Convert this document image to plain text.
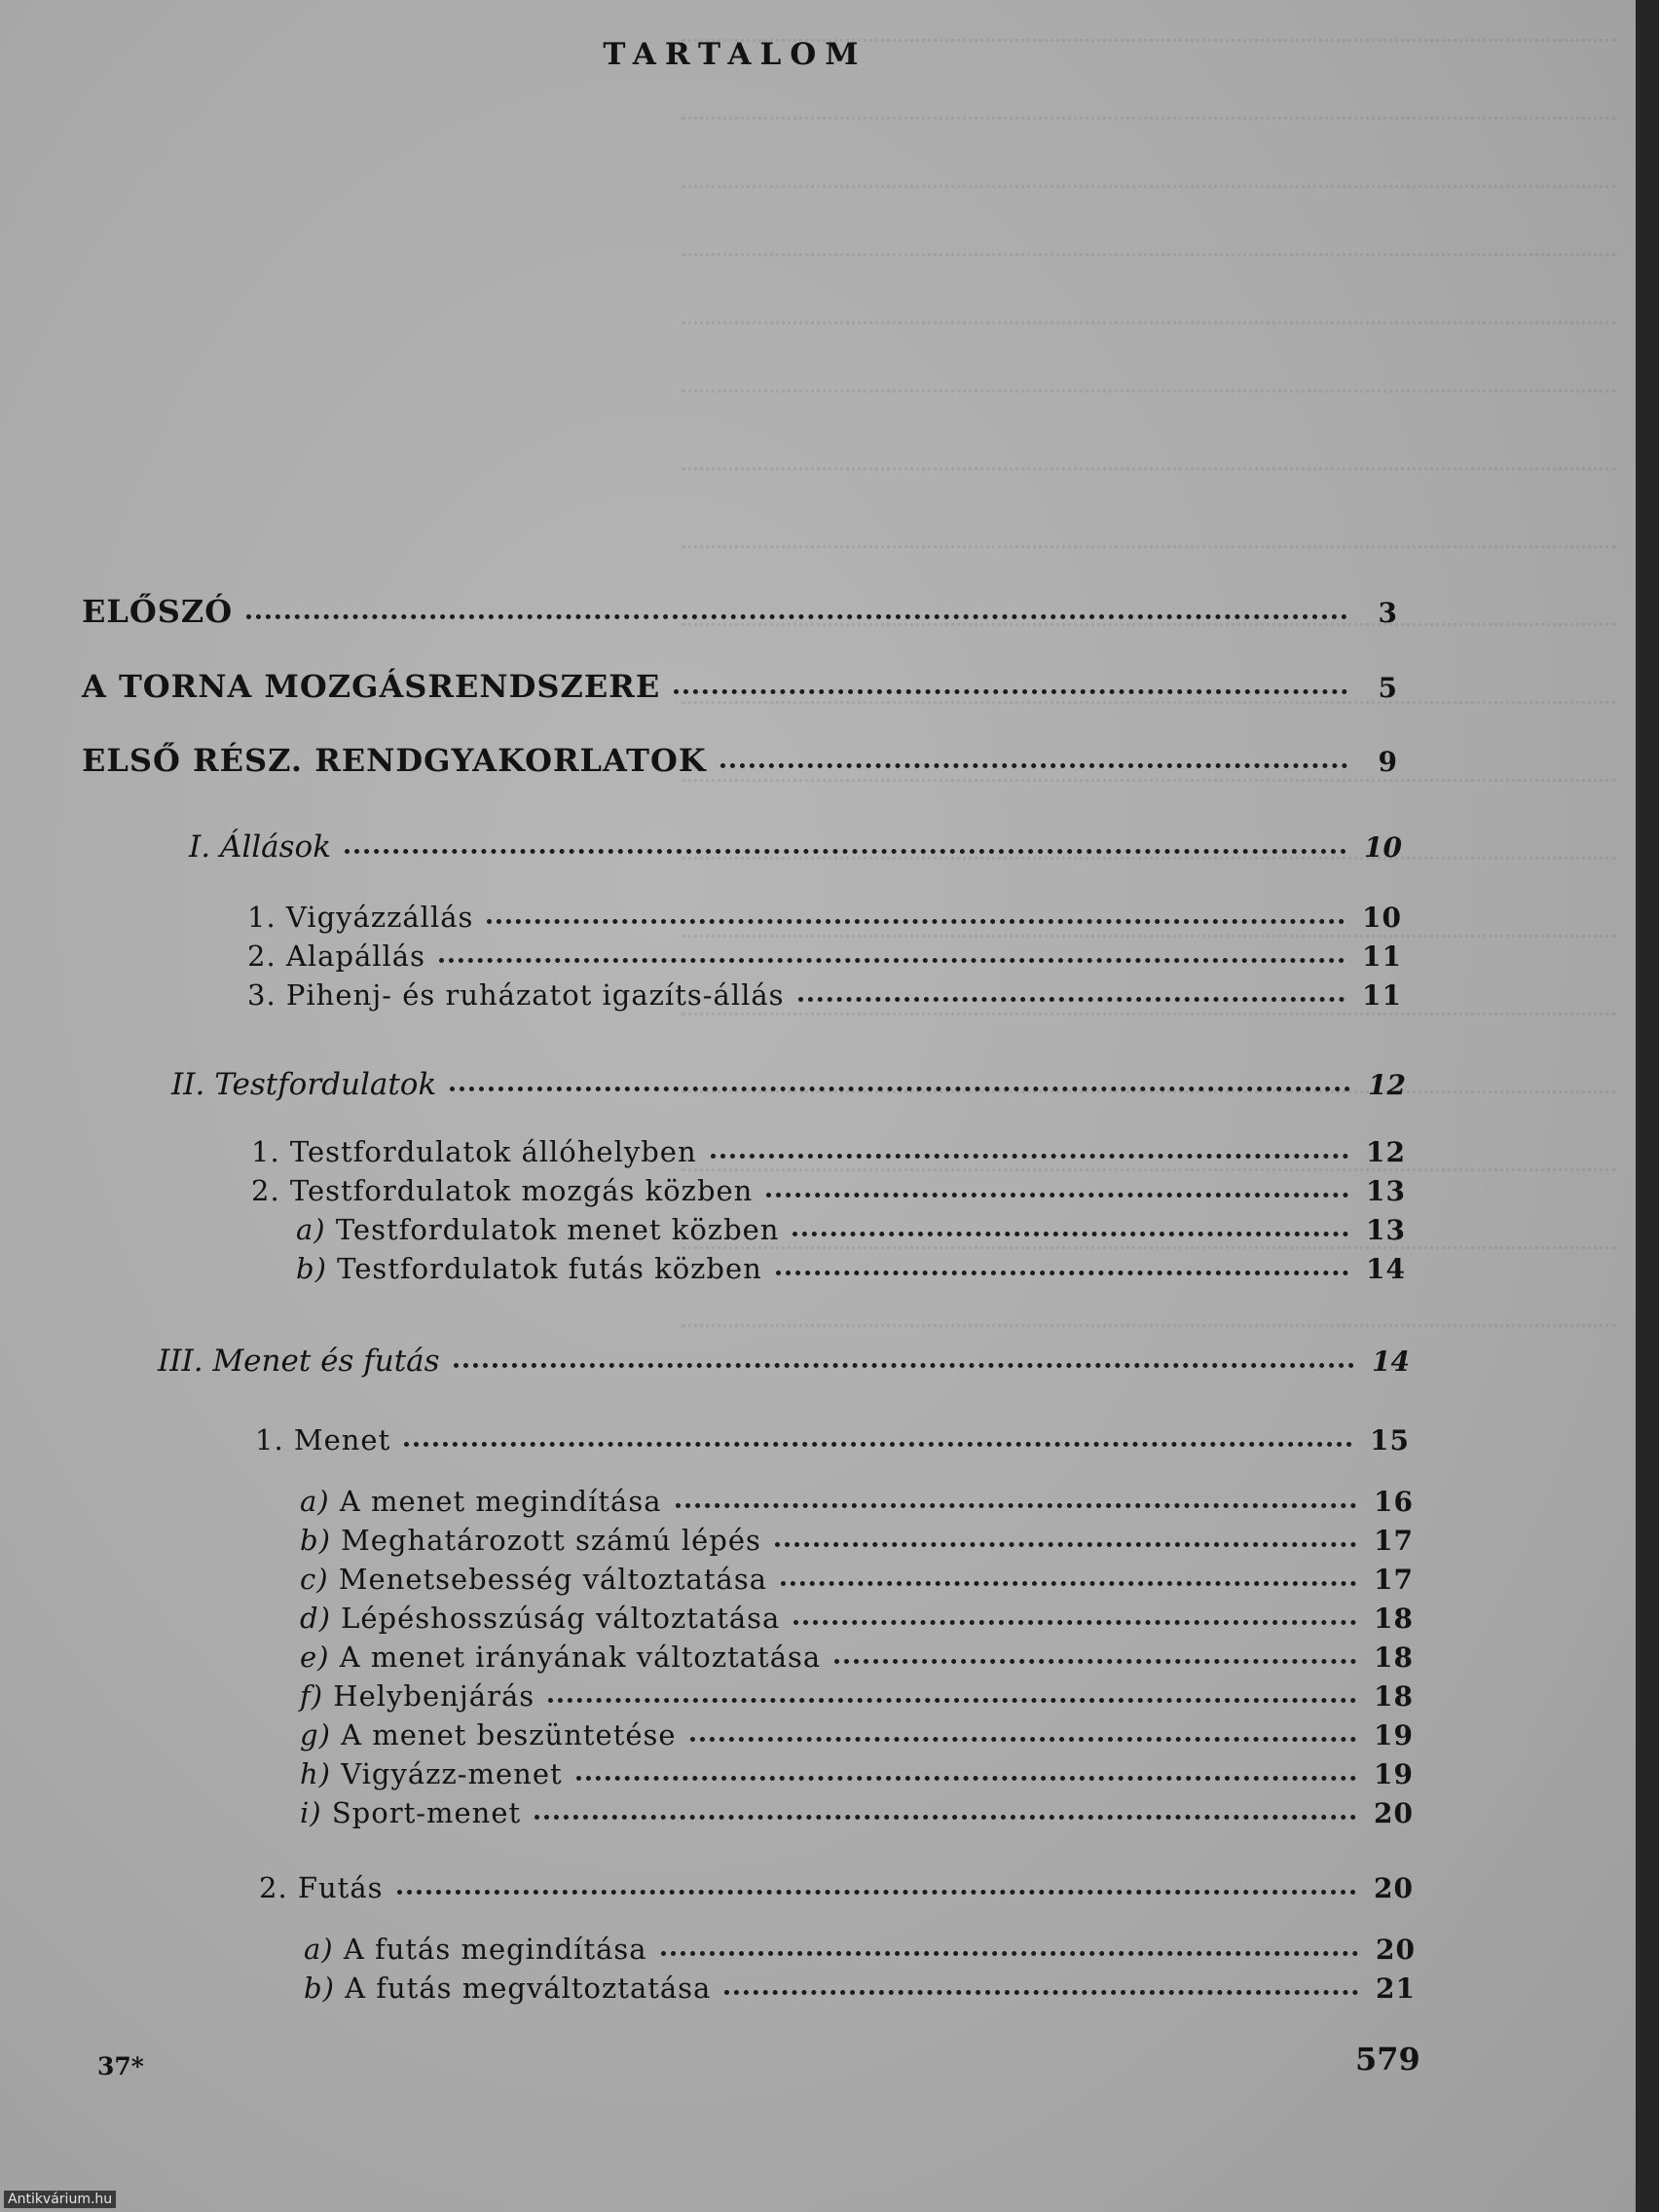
TARTALOM
ELŐSZÓ	3
A TORNA MOZGÁSRENDSZERE	5
ELSŐ RÉSZ. RENDGYAKORLATOK	9
I. Állások	10
1. Vigyázzállás	10
2. Alapállás	11
3. Pihenj- és ruházatot igazíts-állás	11
II. Testfordulatok	12
1. Testfordulatok állóhelyben	12
2. Testfordulatok mozgás közben	13
a) Testfordulatok menet közben	13
b) Testfordulatok futás közben	14
III. Menet és futás	14
1. Menet	15
a) A menet megindítása	16
b) Meghatározott számú lépés	17
c) Menetsebesség változtatása	17
d) Lépéshosszúság változtatása	18
e) A menet irányának változtatása	18
f) Helybenjárás	18
g) A menet beszüntetése	19
h) Vigyázz-menet	19
i) Sport-menet	20
2. Futás	20
a) A futás megindítása	20
b) A futás megváltoztatása	21
37*	579
Antikvárium.hu
